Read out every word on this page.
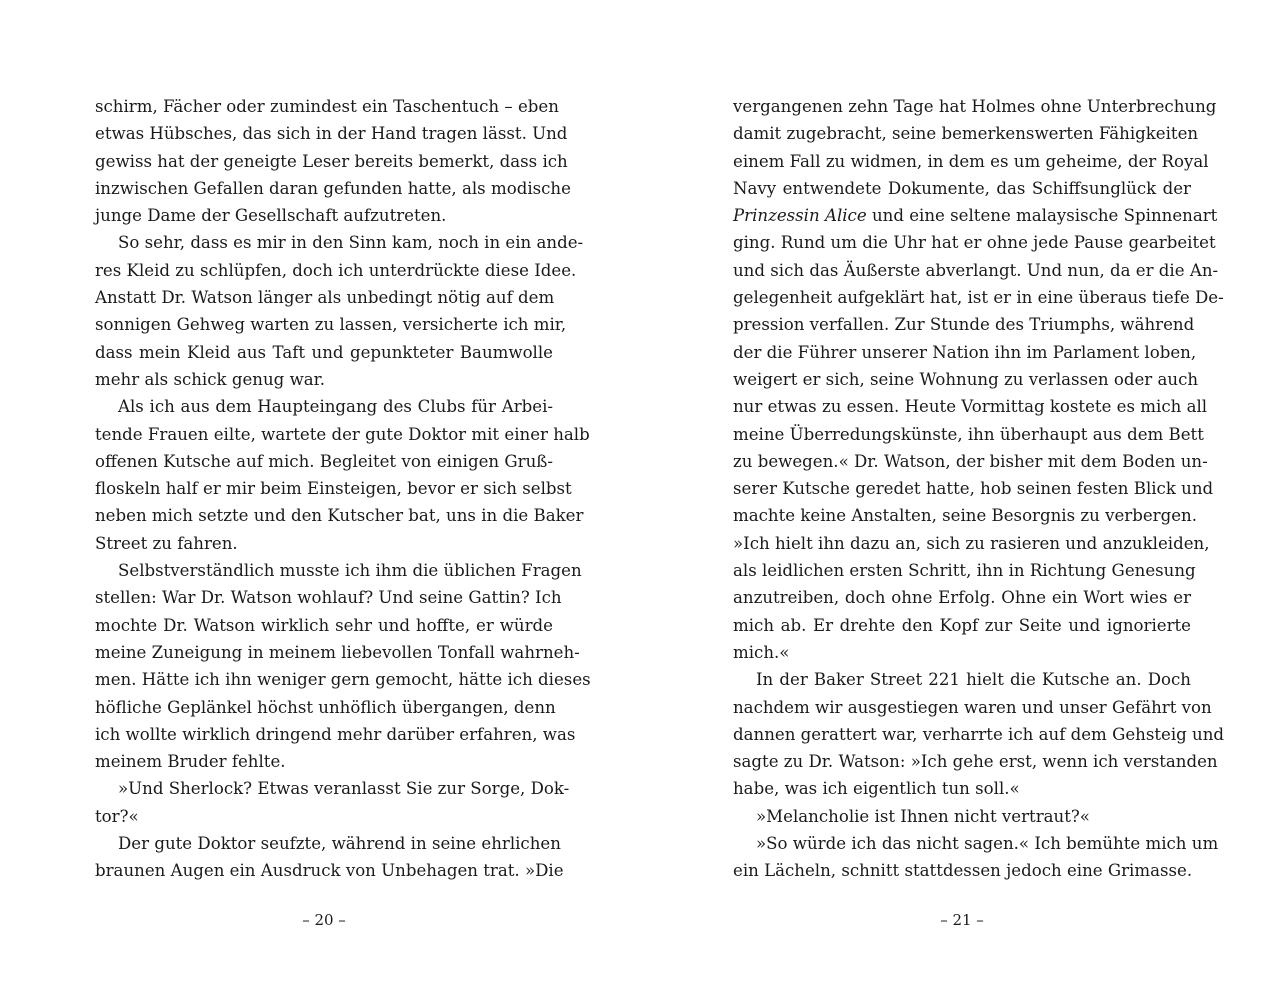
schirm, Fächer oder zumindest ein Taschentuch – eben
etwas Hübsches, das sich in der Hand tragen lässt. Und
gewiss hat der geneigte Leser bereits bemerkt, dass ich
inzwischen Gefallen daran gefunden hatte, als modische
junge Dame der Gesellschaft aufzutreten.
So sehr, dass es mir in den Sinn kam, noch in ein ande-
res Kleid zu schlüpfen, doch ich unterdrückte diese Idee.
Anstatt Dr. Watson länger als unbedingt nötig auf dem
sonnigen Gehweg warten zu lassen, versicherte ich mir,
dass mein Kleid aus Taft und gepunkteter Baumwolle
mehr als schick genug war.
Als ich aus dem Haupteingang des Clubs für Arbei-
tende Frauen eilte, wartete der gute Doktor mit einer halb
offenen Kutsche auf mich. Begleitet von einigen Gruß-
floskeln half er mir beim Einsteigen, bevor er sich selbst
neben mich setzte und den Kutscher bat, uns in die Baker
Street zu fahren.
Selbstverständlich musste ich ihm die üblichen Fragen
stellen: War Dr. Watson wohlauf? Und seine Gattin? Ich
mochte Dr. Watson wirklich sehr und hoffte, er würde
meine Zuneigung in meinem liebevollen Tonfall wahrneh-
men. Hätte ich ihn weniger gern gemocht, hätte ich dieses
höfliche Geplänkel höchst unhöflich übergangen, denn
ich wollte wirklich dringend mehr darüber erfahren, was
meinem Bruder fehlte.
»Und Sherlock? Etwas veranlasst Sie zur Sorge, Dok-
tor?«
Der gute Doktor seufzte, während in seine ehrlichen
braunen Augen ein Ausdruck von Unbehagen trat. »Die
vergangenen zehn Tage hat Holmes ohne Unterbrechung
damit zugebracht, seine bemerkenswerten Fähigkeiten
einem Fall zu widmen, in dem es um geheime, der Royal
Navy entwendete Dokumente, das Schiffsunglück der
Prinzessin Alice und eine seltene malaysische Spinnenart
ging. Rund um die Uhr hat er ohne jede Pause gearbeitet
und sich das Äußerste abverlangt. Und nun, da er die An-
gelegenheit aufgeklärt hat, ist er in eine überaus tiefe De-
pression verfallen. Zur Stunde des Triumphs, während
der die Führer unserer Nation ihn im Parlament loben,
weigert er sich, seine Wohnung zu verlassen oder auch
nur etwas zu essen. Heute Vormittag kostete es mich all
meine Überredungskünste, ihn überhaupt aus dem Bett
zu bewegen.« Dr. Watson, der bisher mit dem Boden un-
serer Kutsche geredet hatte, hob seinen festen Blick und
machte keine Anstalten, seine Besorgnis zu verbergen.
»Ich hielt ihn dazu an, sich zu rasieren und anzukleiden,
als leidlichen ersten Schritt, ihn in Richtung Genesung
anzutreiben, doch ohne Erfolg. Ohne ein Wort wies er
mich ab. Er drehte den Kopf zur Seite und ignorierte
mich.«
In der Baker Street 221 hielt die Kutsche an. Doch
nachdem wir ausgestiegen waren und unser Gefährt von
dannen gerattert war, verharrte ich auf dem Gehsteig und
sagte zu Dr. Watson: »Ich gehe erst, wenn ich verstanden
habe, was ich eigentlich tun soll.«
»Melancholie ist Ihnen nicht vertraut?«
»So würde ich das nicht sagen.« Ich bemühte mich um
ein Lächeln, schnitt stattdessen jedoch eine Grimasse.
– 20 –	– 21 –
